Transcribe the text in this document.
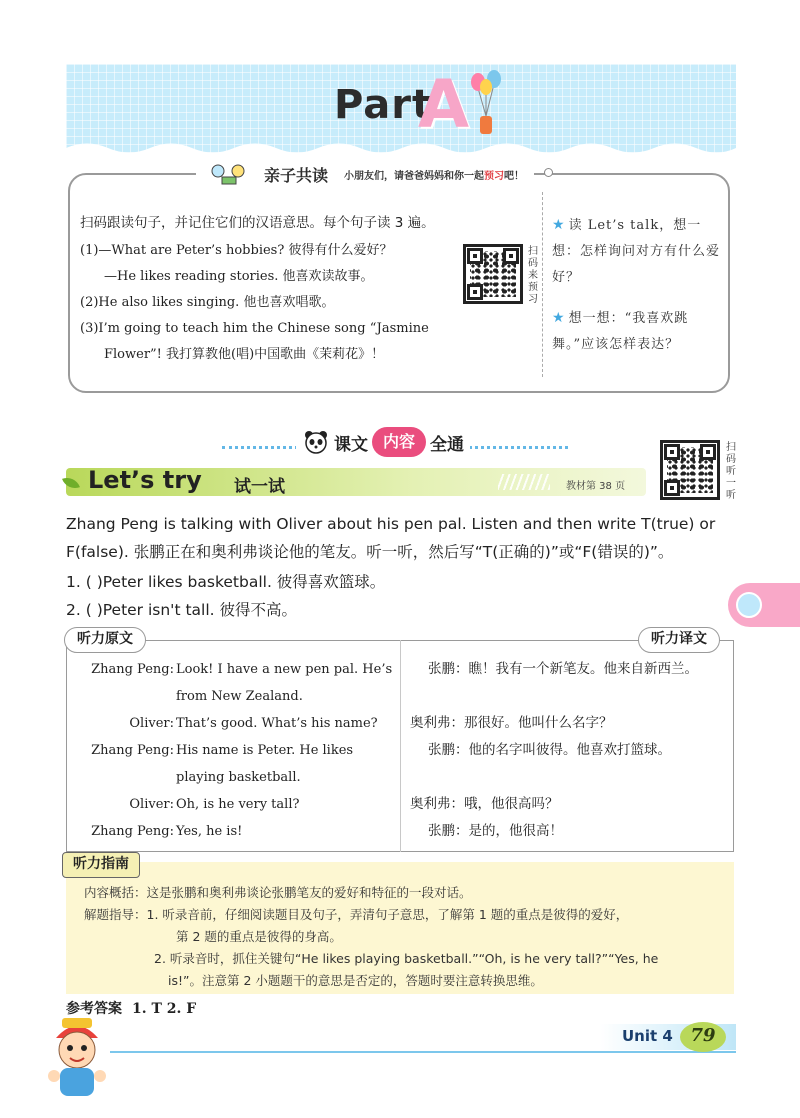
Part
A
亲子共读 小朋友们，请爸爸妈妈和你一起预习吧！
扫码跟读句子，并记住它们的汉语意思。每个句子读 3 遍。
(1)—What are Peter’s hobbies? 彼得有什么爱好？
—He likes reading stories. 他喜欢读故事。
(2)He also likes singing. 他也喜欢唱歌。
(3)I’m going to teach him the Chinese song “Jasmine
Flower”! 我打算教他(唱)中国歌曲《茉莉花》！
扫码来预习
★ 读 Let’s talk，想一想：怎样询问对方有什么爱好？
★ 想一想：“我喜欢跳舞。”应该怎样表达？
课文 内容 全通
Let’s try 试一试	教材第 38 页
扫码听一听
Zhang Peng is talking with Oliver about his pen pal. Listen and then write T(true) or F(false). 张鹏正在和奥利弗谈论他的笔友。听一听，然后写“T(正确的)”或“F(错误的)”。
1. ( )Peter likes basketball. 彼得喜欢篮球。
2. ( )Peter isn't tall. 彼得不高。
听力原文	听力译文
Zhang Peng: Look! I have a new pen pal. He’s
from New Zealand.
Oliver: That’s good. What’s his name?
Zhang Peng: His name is Peter. He likes
playing basketball.
Oliver: Oh, is he very tall?
Zhang Peng: Yes, he is!
张鹏：瞧！我有一个新笔友。他来自新西兰。

奥利弗：那很好。他叫什么名字？
张鹏：他的名字叫彼得。他喜欢打篮球。

奥利弗：哦，他很高吗？
张鹏：是的，他很高！
听力指南
内容概括：这是张鹏和奥利弗谈论张鹏笔友的爱好和特征的一段对话。
解题指导：1. 听录音前，仔细阅读题目及句子，弄清句子意思，了解第 1 题的重点是彼得的爱好，
第 2 题的重点是彼得的身高。
2. 听录音时，抓住关键句“He likes playing basketball.”“Oh, is he very tall?”“Yes, he
is!”。注意第 2 小题题干的意思是否定的，答题时要注意转换思维。
参考答案 1. T 2. F
Unit 4 79
